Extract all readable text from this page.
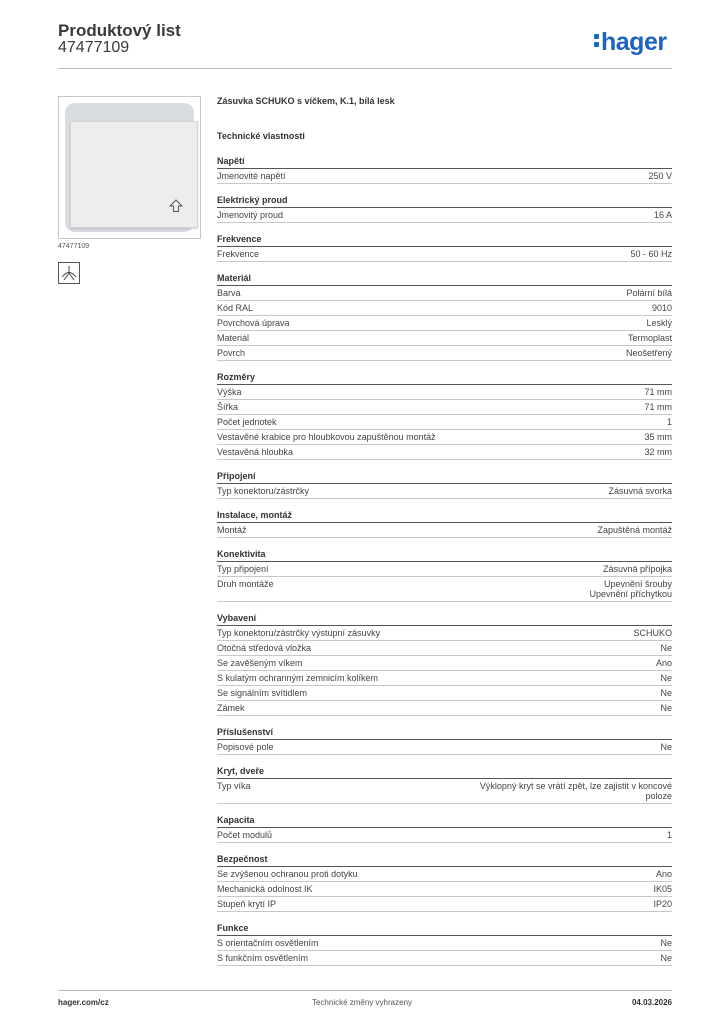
Produktový list
47477109	hager
47477109
Zásuvka SCHUKO s víčkem, K.1, bílá lesk
Technické vlastnosti
Napětí
Jmenovité napětí	250 V
Elektrický proud
Jmenovitý proud	16 A
Frekvence
Frekvence	50 - 60 Hz
Materiál
Barva	Polární bílá
Kód RAL	9010
Povrchová úprava	Lesklý
Materiál	Termoplast
Povrch	Neošetřený
Rozměry
Výška	71 mm
Šířka	71 mm
Počet jednotek	1
Vestavěné krabice pro hloubkovou zapuštěnou montáž	35 mm
Vestavěná hloubka	32 mm
Připojení
Typ konektoru/zástrčky	Zásuvná svorka
Instalace, montáž
Montáž	Zapuštěná montáž
Konektivita
Typ připojení	Zásuvná přípojka
Druh montáže	Upevnění šrouby
Upevnění příchytkou
Vybavení
Typ konektoru/zástrčky výstupní zásuvky	SCHUKO
Otočná středová vložka	Ne
Se zavěšeným víkem	Ano
S kulatým ochranným zemnicím kolíkem	Ne
Se signálním svítidlem	Ne
Zámek	Ne
Příslušenství
Popisové pole	Ne
Kryt, dveře
Typ víka	Výklopný kryt se vrátí zpět, lze zajistit v koncové poloze
Kapacita
Počet modulů	1
Bezpečnost
Se zvýšenou ochranou proti dotyku	Ano
Mechanická odolnost IK	IK05
Stupeň krytí IP	IP20
Funkce
S orientačním osvětlením	Ne
S funkčním osvětlením	Ne
hager.com/cz	Technické změny vyhrazeny	04.03.2026
